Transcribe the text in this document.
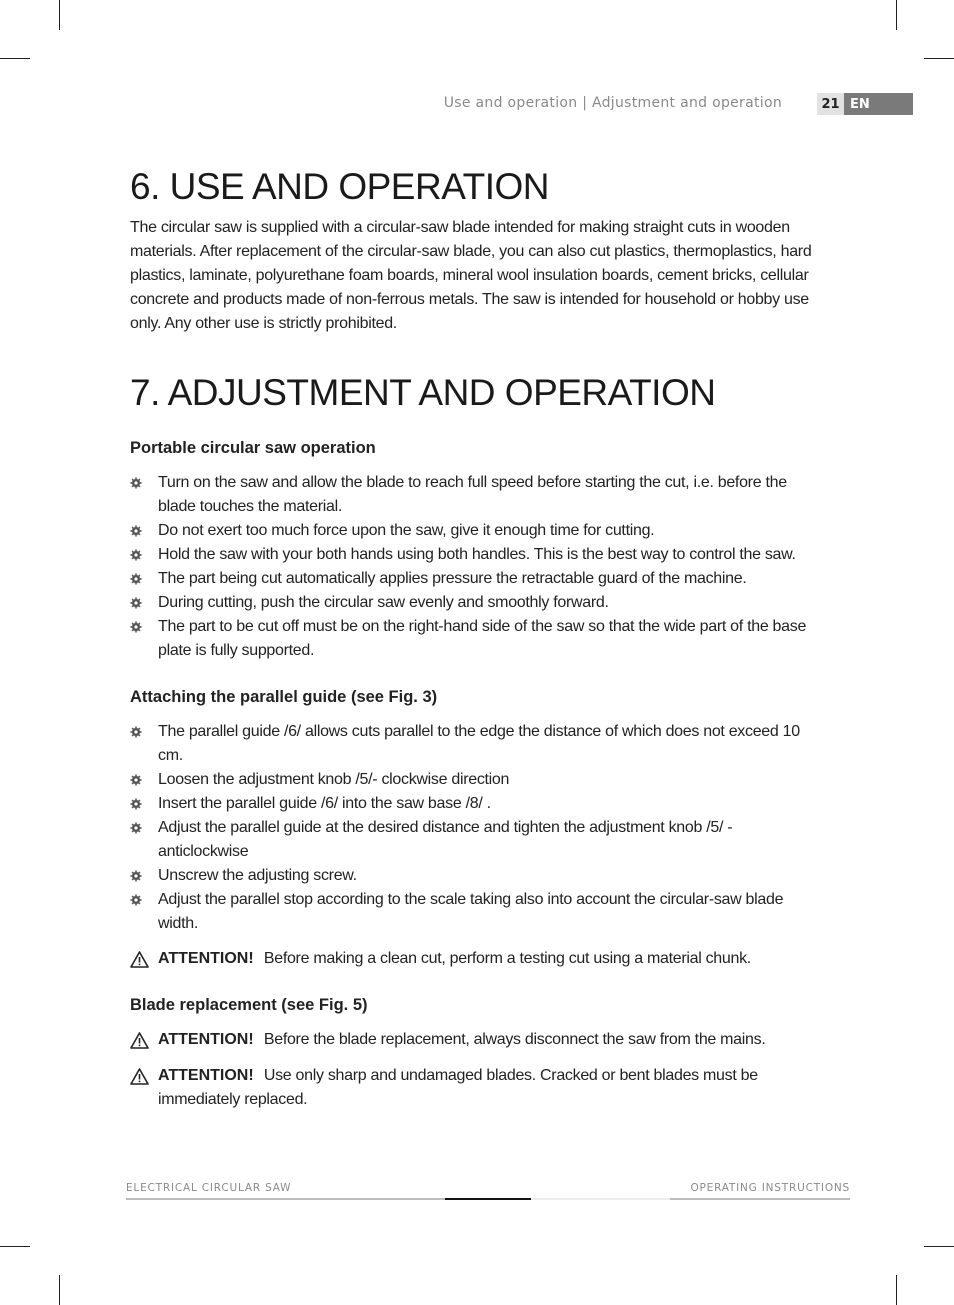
Use and operation | Adjustment and operation	21 EN
6. USE AND OPERATION

The circular saw is supplied with a circular-saw blade intended for making straight cuts in wooden materials. After replacement of the circular-saw blade, you can also cut plastics, thermoplastics, hard plastics, laminate, polyurethane foam boards, mineral wool insulation boards, cement bricks, cellular concrete and products made of non-ferrous metals. The saw is intended for household or hobby use only. Any other use is strictly prohibited.

7. ADJUSTMENT AND OPERATION
Portable circular saw operation
Turn on the saw and allow the blade to reach full speed before starting the cut, i.e. before the blade touches the material.
Do not exert too much force upon the saw, give it enough time for cutting.
Hold the saw with your both hands using both handles. This is the best way to control the saw.
The part being cut automatically applies pressure the retractable guard of the machine.
During cutting, push the circular saw evenly and smoothly forward.
The part to be cut off must be on the right-hand side of the saw so that the wide part of the base plate is fully supported.
Attaching the parallel guide (see Fig. 3)
The parallel guide /6/ allows cuts parallel to the edge the distance of which does not exceed 10 cm.
Loosen the adjustment knob /5/- clockwise direction
Insert the parallel guide /6/ into the saw base /8/ .
Adjust the parallel guide at the desired distance and tighten the adjustment knob /5/ - anticlockwise
Unscrew the adjusting screw.
Adjust the parallel stop according to the scale taking also into account the circular-saw blade width.
ATTENTION! Before making a clean cut, perform a testing cut using a material chunk.
Blade replacement (see Fig. 5)
ATTENTION! Before the blade replacement, always disconnect the saw from the mains.
ATTENTION! Use only sharp and undamaged blades. Cracked or bent blades must be immediately replaced.
ELECTRICAL CIRCULAR SAW	OPERATING INSTRUCTIONS
